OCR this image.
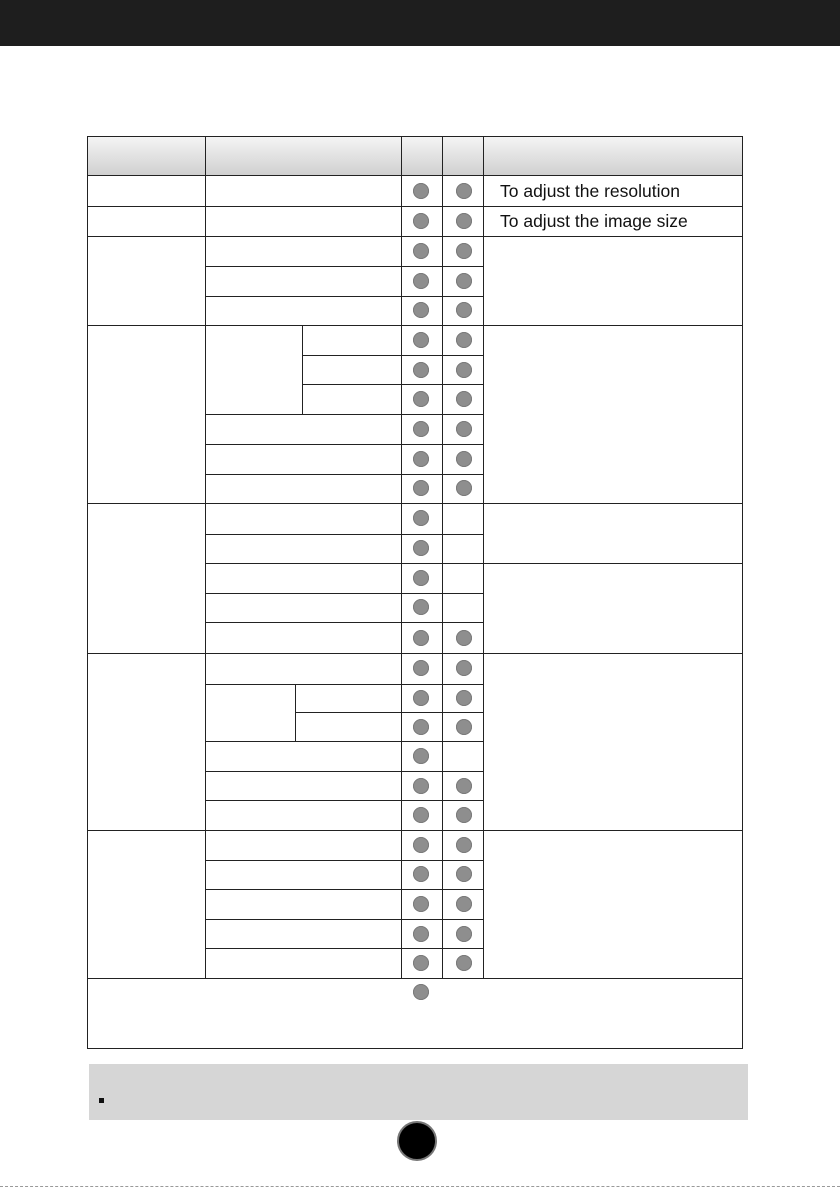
To adjust the resolution
To adjust the image size
